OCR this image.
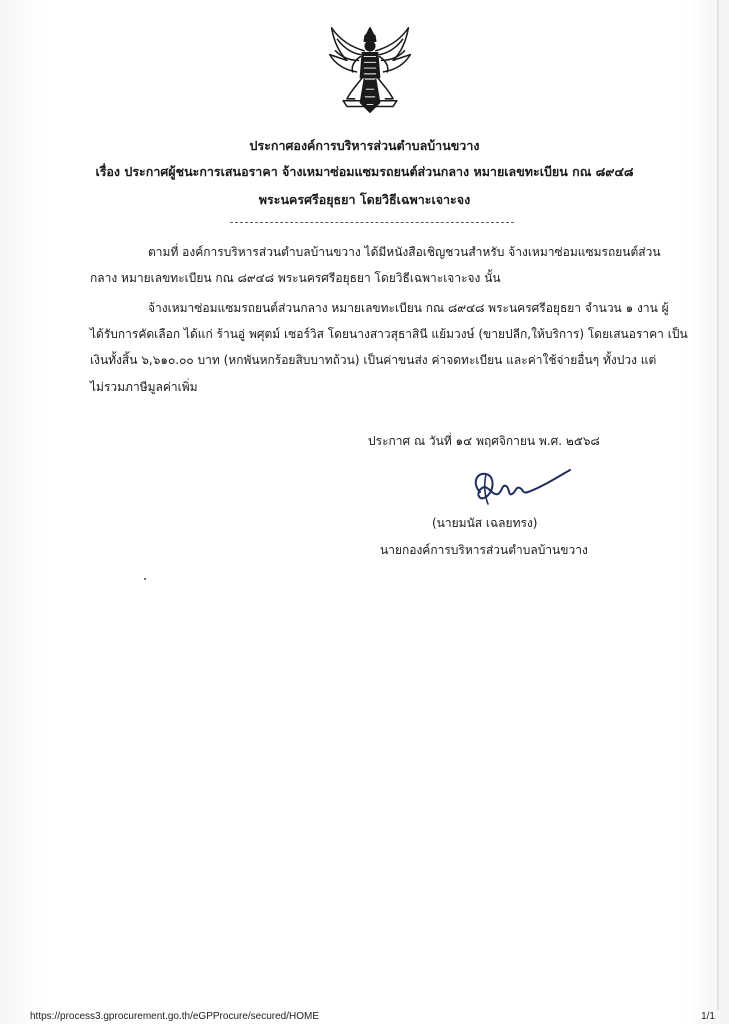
ประกาศองค์การบริหารส่วนตำบลบ้านขวาง
เรื่อง ประกาศผู้ชนะการเสนอราคา จ้างเหมาซ่อมแซมรถยนต์ส่วนกลาง หมายเลขทะเบียน กณ ๘๙๔๘
พระนครศรีอยุธยา โดยวิธีเฉพาะเจาะจง
ตามที่ องค์การบริหารส่วนตำบลบ้านขวาง ได้มีหนังสือเชิญชวนสำหรับ จ้างเหมาซ่อมแซมรถยนต์ส่วน
กลาง หมายเลขทะเบียน กณ ๘๙๔๘ พระนครศรีอยุธยา โดยวิธีเฉพาะเจาะจง นั้น
จ้างเหมาซ่อมแซมรถยนต์ส่วนกลาง หมายเลขทะเบียน กณ ๘๙๔๘ พระนครศรีอยุธยา จำนวน ๑ งาน ผู้
ได้รับการคัดเลือก ได้แก่ ร้านอู่ พศุตม์ เซอร์วิส โดยนางสาวสุธาสินี แย้มวงษ์ (ขายปลีก,ให้บริการ) โดยเสนอราคา เป็น
เงินทั้งสิ้น ๖,๖๑๐.๐๐ บาท (หกพันหกร้อยสิบบาทถ้วน) เป็นค่าขนส่ง ค่าจดทะเบียน และค่าใช้จ่ายอื่นๆ ทั้งปวง แต่
ไม่รวมภาษีมูลค่าเพิ่ม
ประกาศ ณ วันที่ ๑๔ พฤศจิกายน พ.ศ. ๒๕๖๘
(นายมนัส เฉลยทรง)
นายกองค์การบริหารส่วนตำบลบ้านขวาง
https://process3.gprocurement.go.th/eGPProcure/secured/HOME	1/1
